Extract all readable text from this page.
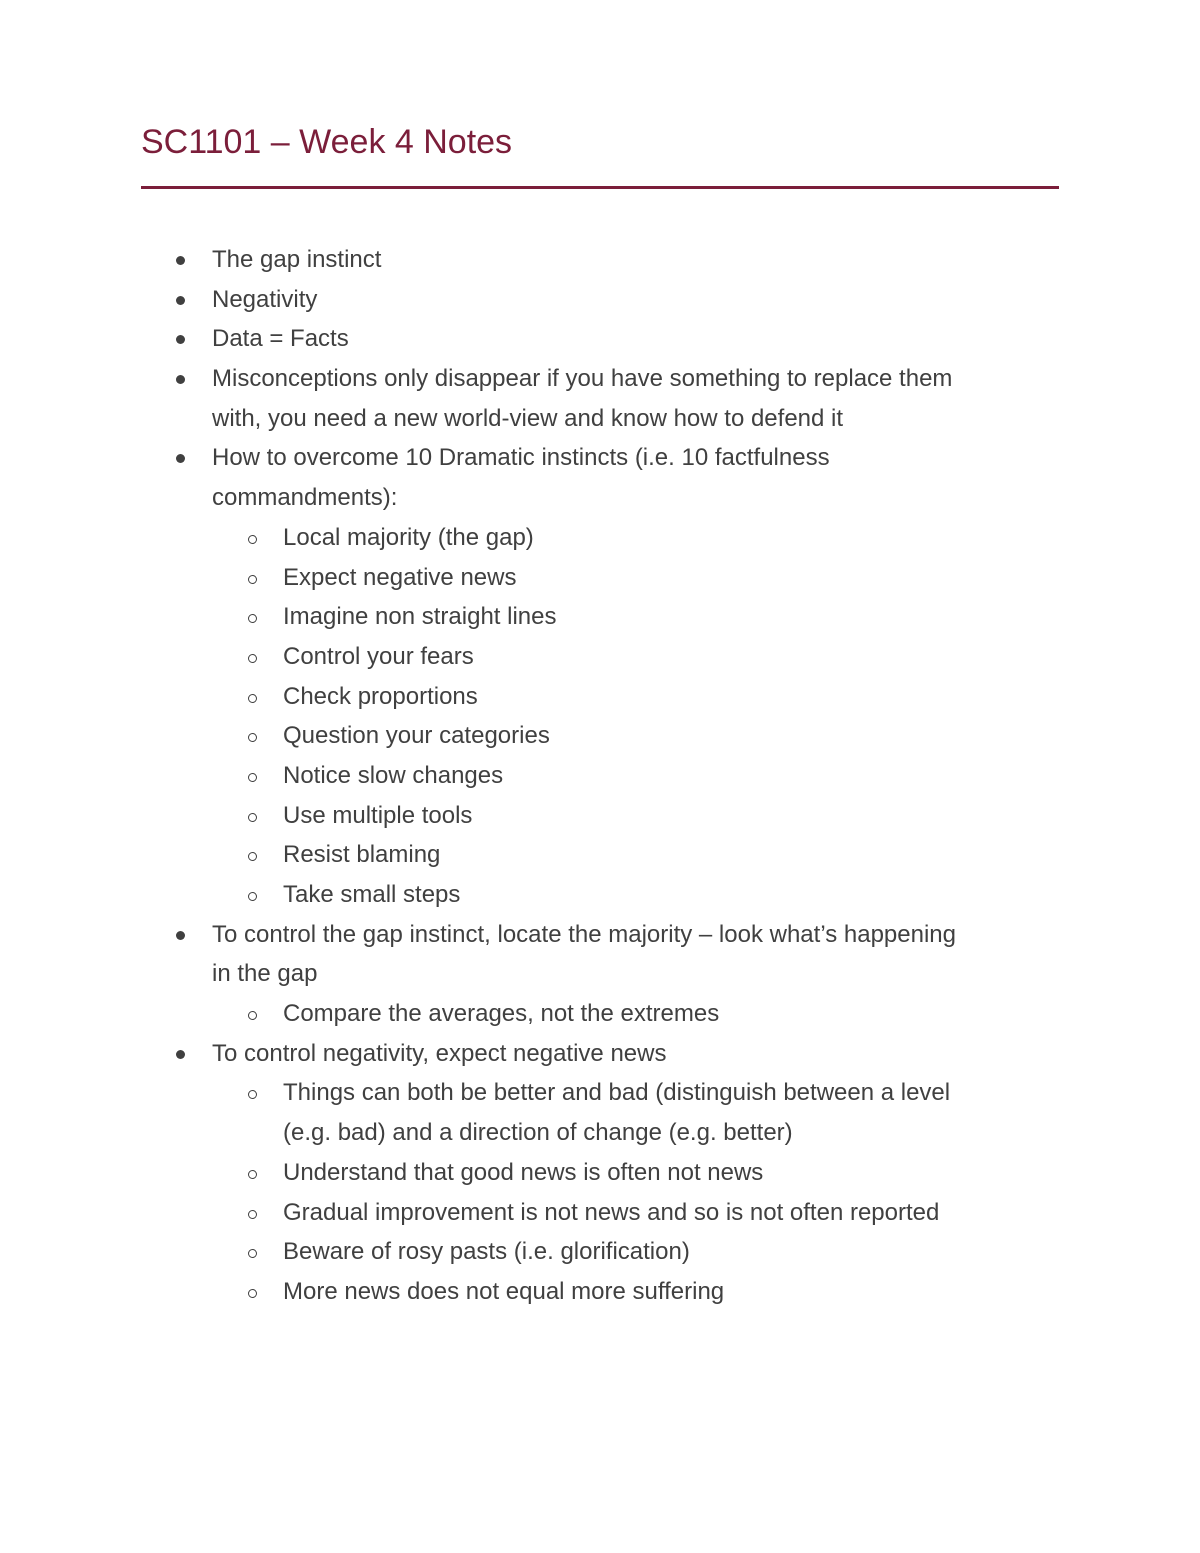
SC1101 – Week 4 Notes
The gap instinct
Negativity
Data = Facts
Misconceptions only disappear if you have something to replace them
with, you need a new world-view and know how to defend it
How to overcome 10 Dramatic instincts (i.e. 10 factfulness
commandments):
Local majority (the gap)
Expect negative news
Imagine non straight lines
Control your fears
Check proportions
Question your categories
Notice slow changes
Use multiple tools
Resist blaming
Take small steps
To control the gap instinct, locate the majority – look what’s happening
in the gap
Compare the averages, not the extremes
To control negativity, expect negative news
Things can both be better and bad (distinguish between a level
(e.g. bad) and a direction of change (e.g. better)
Understand that good news is often not news
Gradual improvement is not news and so is not often reported
Beware of rosy pasts (i.e. glorification)
More news does not equal more suffering
